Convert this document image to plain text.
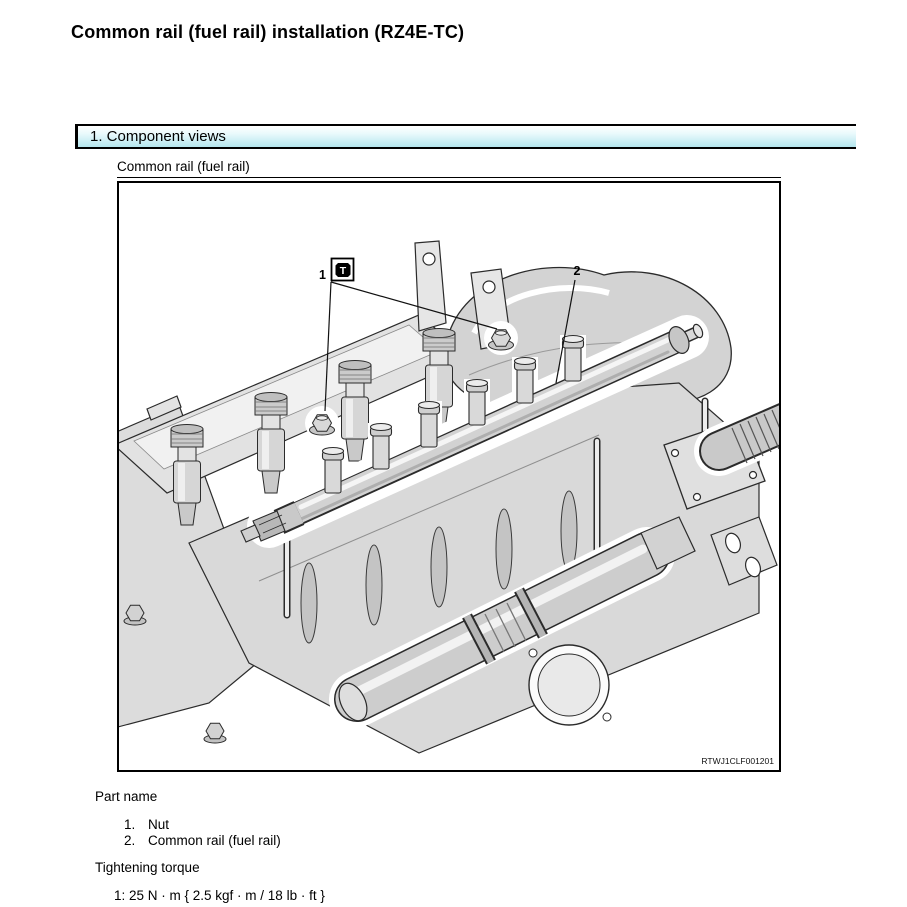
Common rail (fuel rail) installation (RZ4E-TC)
1. Component views
Common rail (fuel rail)
1 T	2
RTWJ1CLF001201
Part name
1. Nut
2. Common rail (fuel rail)
Tightening torque
1: 25 N · m { 2.5 kgf · m / 18 lb · ft }
